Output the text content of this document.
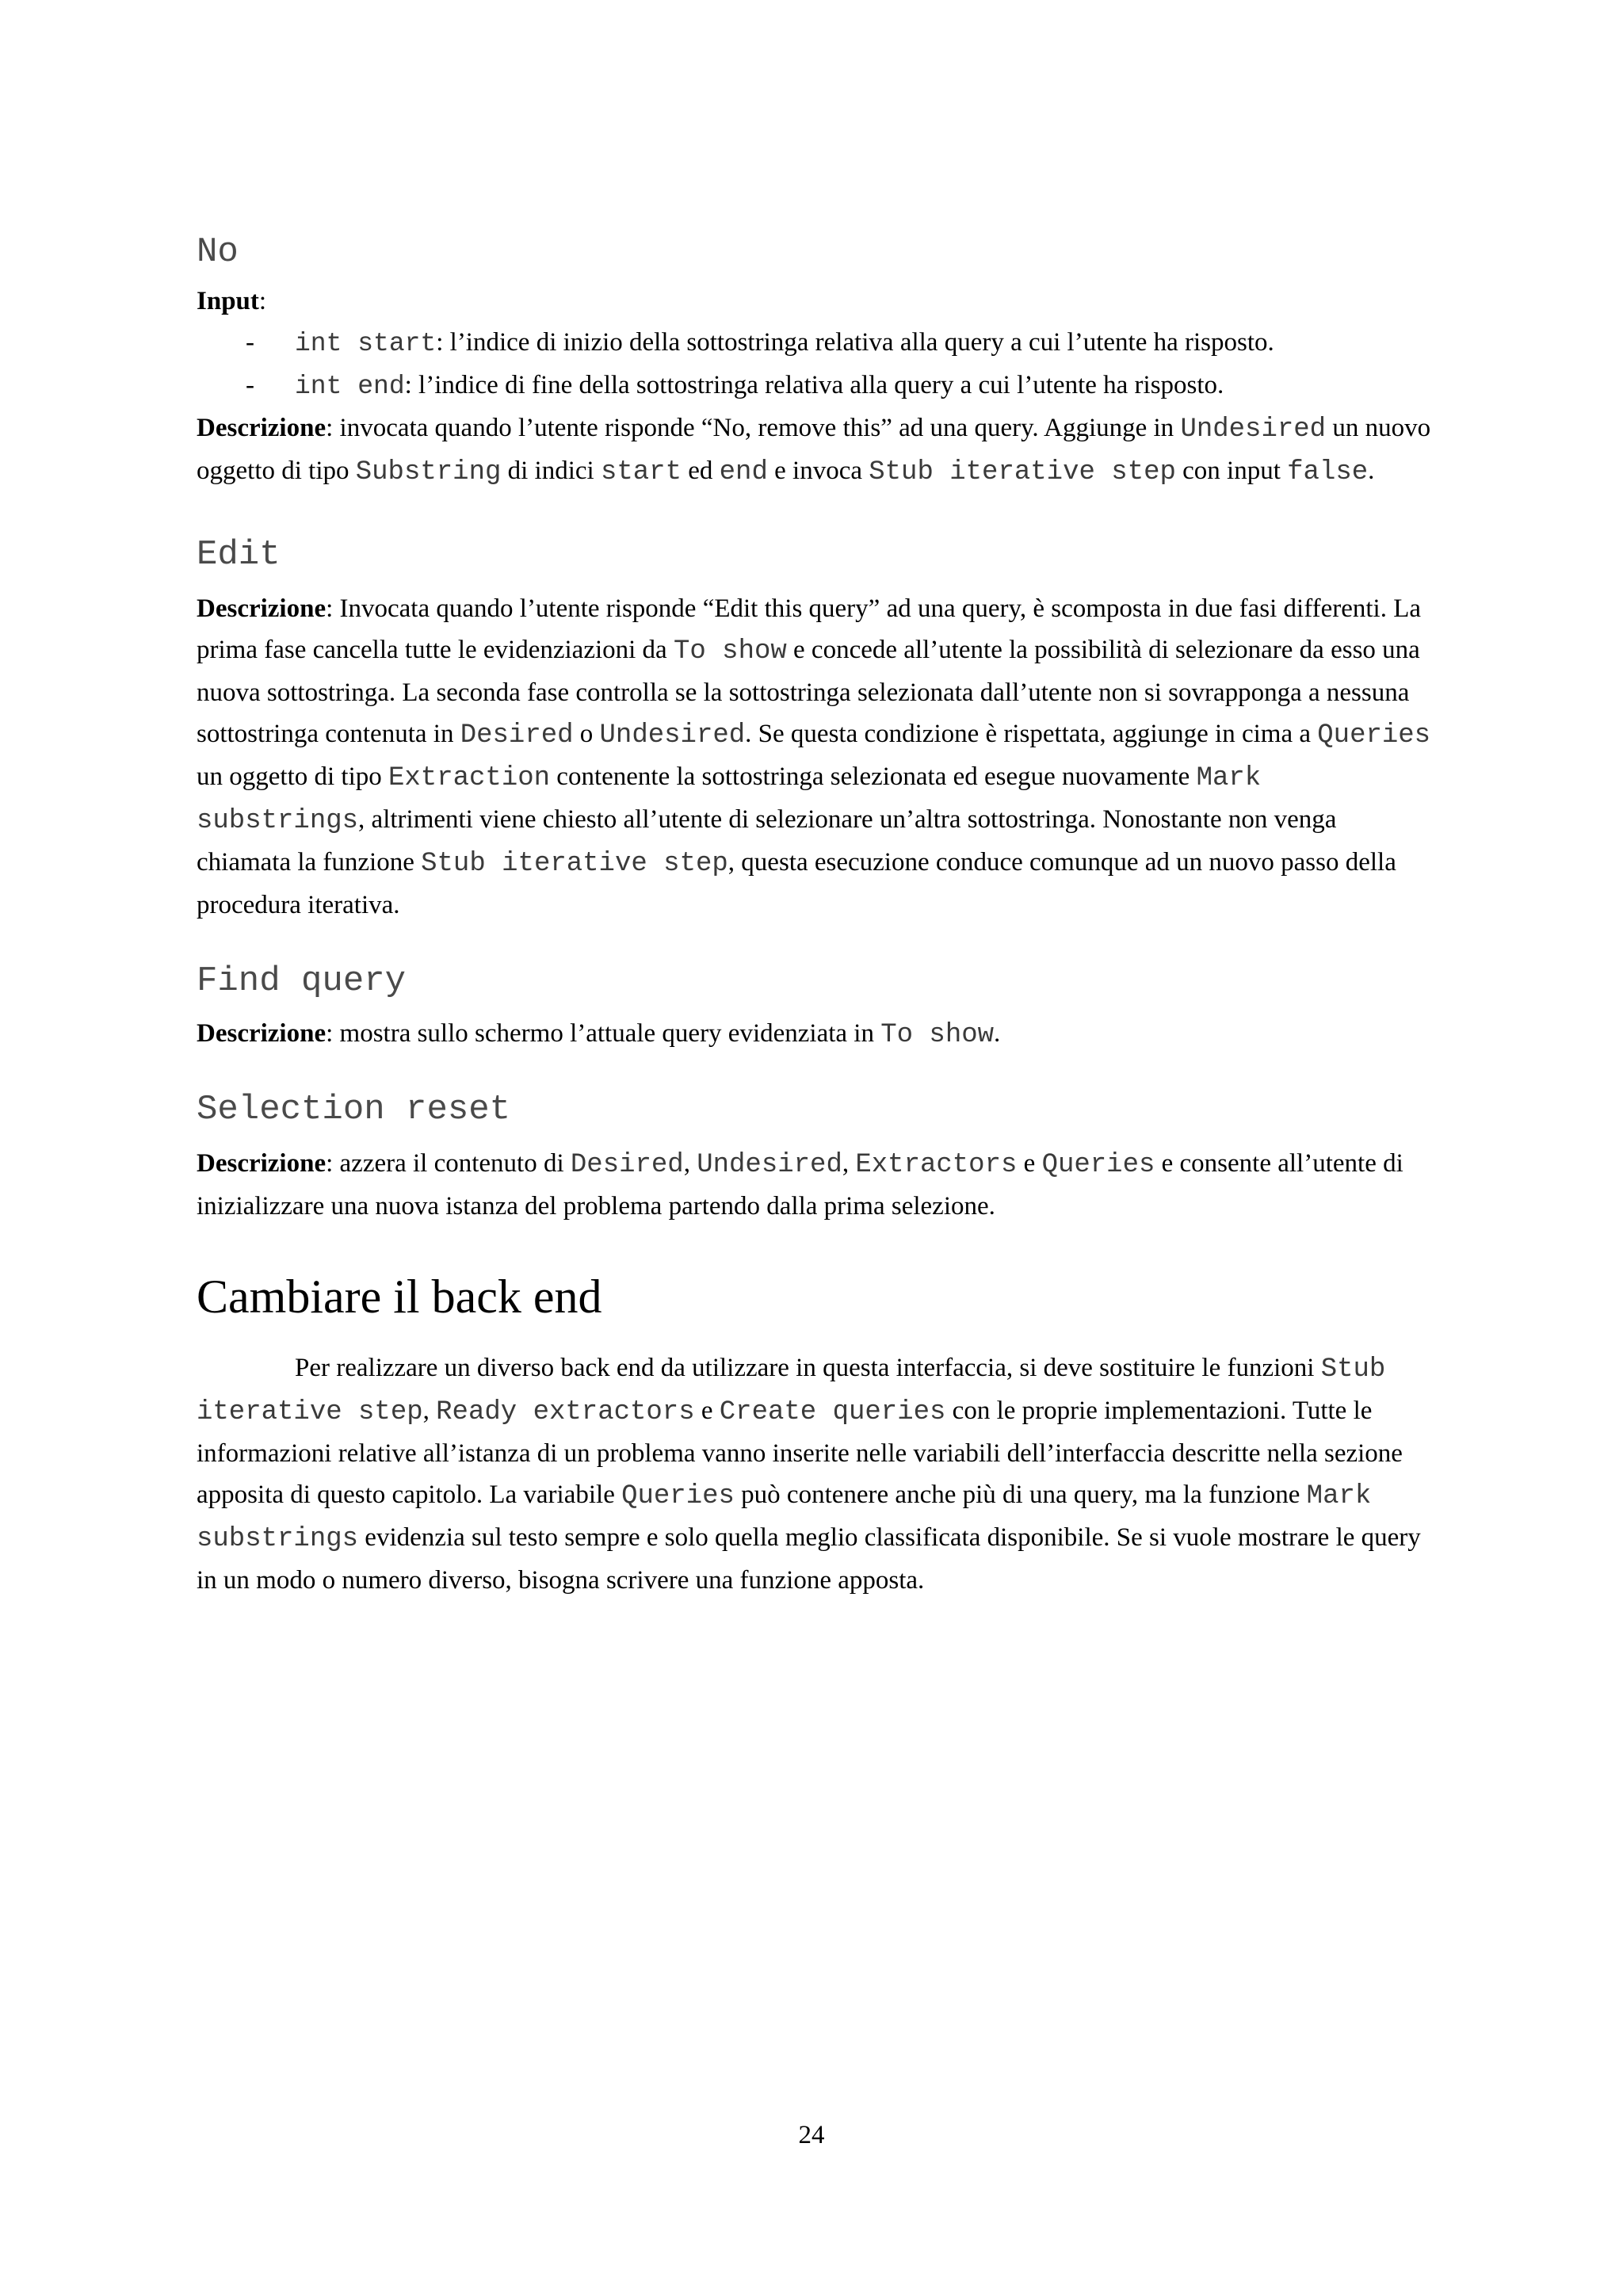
No

Input:

- int start: l’indice di inizio della sottostringa relativa alla query a cui l’utente ha risposto.
- int end: l’indice di fine della sottostringa relativa alla query a cui l’utente ha risposto.

Descrizione: invocata quando l’utente risponde “No, remove this” ad una query. Aggiunge in Undesired un nuovo oggetto di tipo Substring di indici start ed end e invoca Stub iterative step con input false.

Edit

Descrizione: Invocata quando l’utente risponde “Edit this query” ad una query, è scomposta in due fasi differenti. La prima fase cancella tutte le evidenziazioni da To show e concede all’utente la possibilità di selezionare da esso una nuova sottostringa. La seconda fase controlla se la sottostringa selezionata dall’utente non si sovrapponga a nessuna sottostringa contenuta in Desired o Undesired. Se questa condizione è rispettata, aggiunge in cima a Queries un oggetto di tipo Extraction contenente la sottostringa selezionata ed esegue nuovamente Mark substrings, altrimenti viene chiesto all’utente di selezionare un’altra sottostringa. Nonostante non venga chiamata la funzione Stub iterative step, questa esecuzione conduce comunque ad un nuovo passo della procedura iterativa.

Find query

Descrizione: mostra sullo schermo l’attuale query evidenziata in To show.

Selection reset

Descrizione: azzera il contenuto di Desired, Undesired, Extractors e Queries e consente all’utente di inizializzare una nuova istanza del problema partendo dalla prima selezione.

Cambiare il back end

Per realizzare un diverso back end da utilizzare in questa interfaccia, si deve sostituire le funzioni Stub iterative step, Ready extractors e Create queries con le proprie implementazioni. Tutte le informazioni relative all’istanza di un problema vanno inserite nelle variabili dell’interfaccia descritte nella sezione apposita di questo capitolo. La variabile Queries può contenere anche più di una query, ma la funzione Mark substrings evidenzia sul testo sempre e solo quella meglio classificata disponibile. Se si vuole mostrare le query in un modo o numero diverso, bisogna scrivere una funzione apposta.

24
